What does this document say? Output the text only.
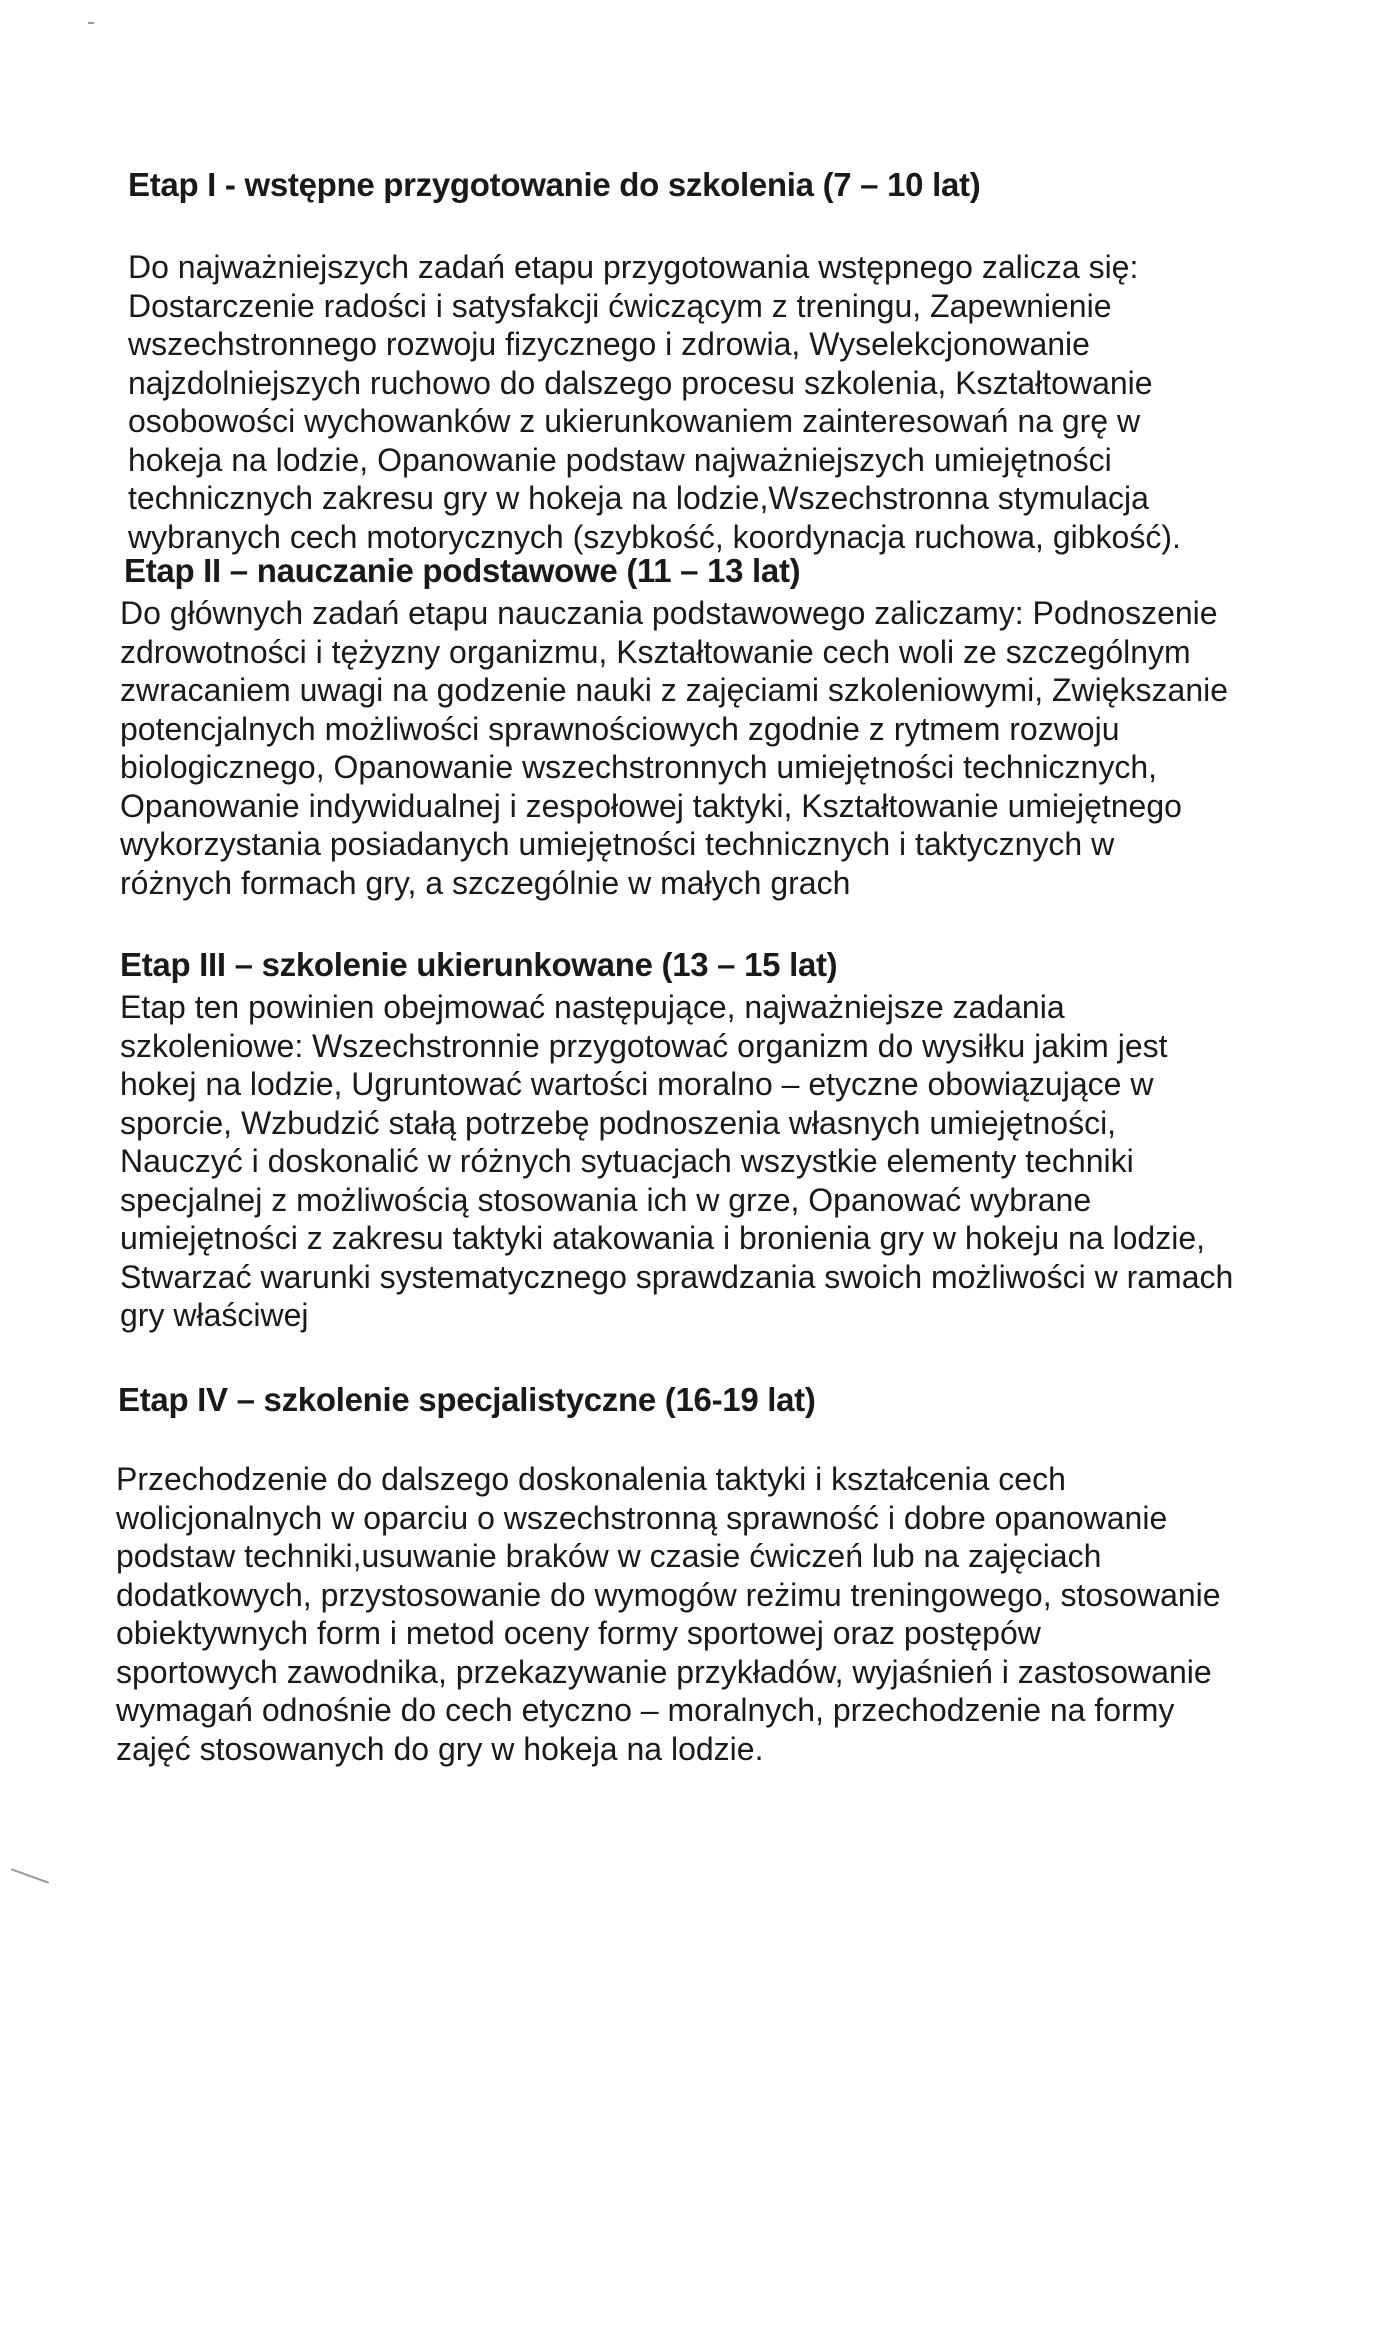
Etap I - wstępne przygotowanie do szkolenia (7 – 10 lat)
Do najważniejszych zadań etapu przygotowania wstępnego zalicza się:
Dostarczenie radości i satysfakcji ćwiczącym z treningu, Zapewnienie
wszechstronnego rozwoju fizycznego i zdrowia, Wyselekcjonowanie
najzdolniejszych ruchowo do dalszego procesu szkolenia, Kształtowanie
osobowości wychowanków z ukierunkowaniem zainteresowań na grę w
hokeja na lodzie, Opanowanie podstaw najważniejszych umiejętności
technicznych zakresu gry w hokeja na lodzie,Wszechstronna stymulacja
wybranych cech motorycznych (szybkość, koordynacja ruchowa, gibkość).
Etap II – nauczanie podstawowe (11 – 13 lat)
Do głównych zadań etapu nauczania podstawowego zaliczamy: Podnoszenie
zdrowotności i tężyzny organizmu, Kształtowanie cech woli ze szczególnym
zwracaniem uwagi na godzenie nauki z zajęciami szkoleniowymi, Zwiększanie
potencjalnych możliwości sprawnościowych zgodnie z rytmem rozwoju
biologicznego, Opanowanie wszechstronnych umiejętności technicznych,
Opanowanie indywidualnej i zespołowej taktyki, Kształtowanie umiejętnego
wykorzystania posiadanych umiejętności technicznych i taktycznych w
różnych formach gry, a szczególnie w małych grach
Etap III – szkolenie ukierunkowane (13 – 15 lat)
Etap ten powinien obejmować następujące, najważniejsze zadania
szkoleniowe: Wszechstronnie przygotować organizm do wysiłku jakim jest
hokej na lodzie, Ugruntować wartości moralno – etyczne obowiązujące w
sporcie, Wzbudzić stałą potrzebę podnoszenia własnych umiejętności,
Nauczyć i doskonalić w różnych sytuacjach wszystkie elementy techniki
specjalnej z możliwością stosowania ich w grze, Opanować wybrane
umiejętności z zakresu taktyki atakowania i bronienia gry w hokeju na lodzie,
Stwarzać warunki systematycznego sprawdzania swoich możliwości w ramach
gry właściwej
Etap IV – szkolenie specjalistyczne (16-19 lat)
Przechodzenie do dalszego doskonalenia taktyki i kształcenia cech
wolicjonalnych w oparciu o wszechstronną sprawność i dobre opanowanie
podstaw techniki,usuwanie braków w czasie ćwiczeń lub na zajęciach
dodatkowych, przystosowanie do wymogów reżimu treningowego, stosowanie
obiektywnych form i metod oceny formy sportowej oraz postępów
sportowych zawodnika, przekazywanie przykładów, wyjaśnień i zastosowanie
wymagań odnośnie do cech etyczno – moralnych, przechodzenie na formy
zajęć stosowanych do gry w hokeja na lodzie.
